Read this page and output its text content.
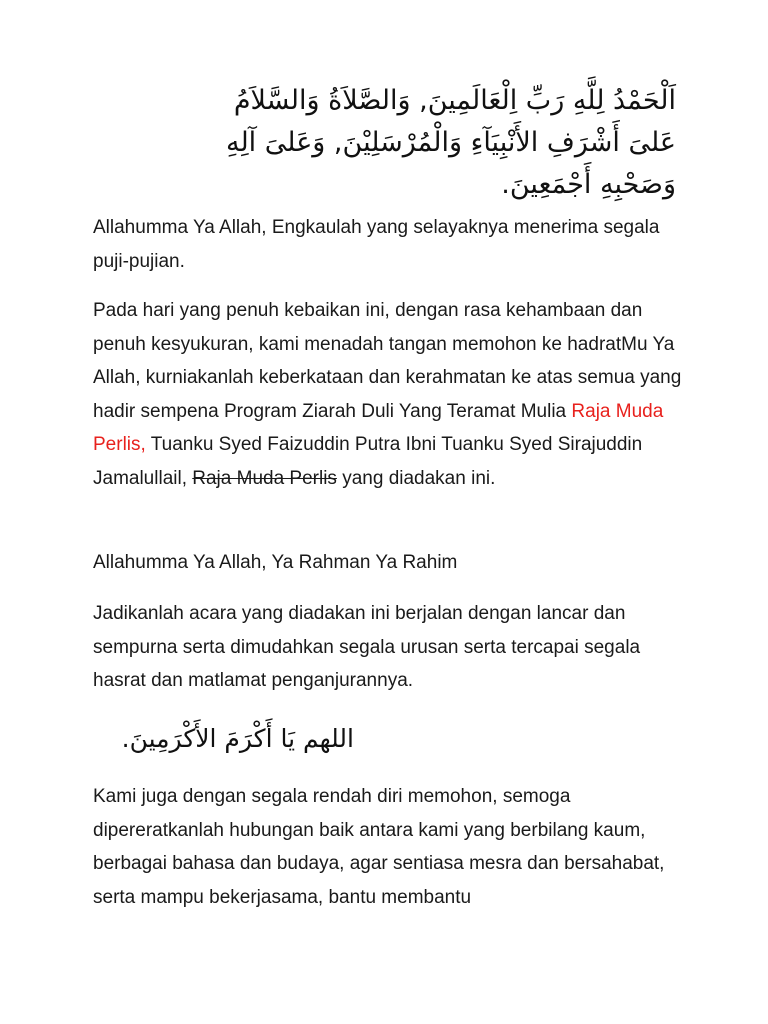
اَلْحَمْدُ لِلَّهِ رَبِّ اِلْعَالَمِينَ, وَالصَّلاَةُ وَالسَّلاَمُ
عَلىَ أَشْرَفِ الأَنْبِيَآءِ وَالْمُرْسَلِيْنَ, وَعَلىَ آلِهِ
وَصَحْبِهِ أَجْمَعِينَ.

Allahumma Ya Allah, Engkaulah yang selayaknya menerima segala puji-pujian.

Pada hari yang penuh kebaikan ini, dengan rasa kehambaan dan penuh kesyukuran, kami menadah tangan memohon ke hadratMu Ya Allah, kurniakanlah keberkataan dan kerahmatan ke atas semua yang hadir sempena Program Ziarah Duli Yang Teramat Mulia Raja Muda Perlis, Tuanku Syed Faizuddin Putra Ibni Tuanku Syed Sirajuddin Jamalullail, Raja Muda Perlis yang diadakan ini.

Allahumma Ya Allah, Ya Rahman Ya Rahim

Jadikanlah acara yang diadakan ini berjalan dengan lancar dan sempurna serta dimudahkan segala urusan serta tercapai segala hasrat dan matlamat penganjurannya.

اللهم يَا أَكْرَمَ الأَكْرَمِينَ.

Kami juga dengan segala rendah diri memohon, semoga dipereratkanlah hubungan baik antara kami yang berbilang kaum, berbagai bahasa dan budaya, agar sentiasa mesra dan bersahabat, serta mampu bekerjasama, bantu membantu
